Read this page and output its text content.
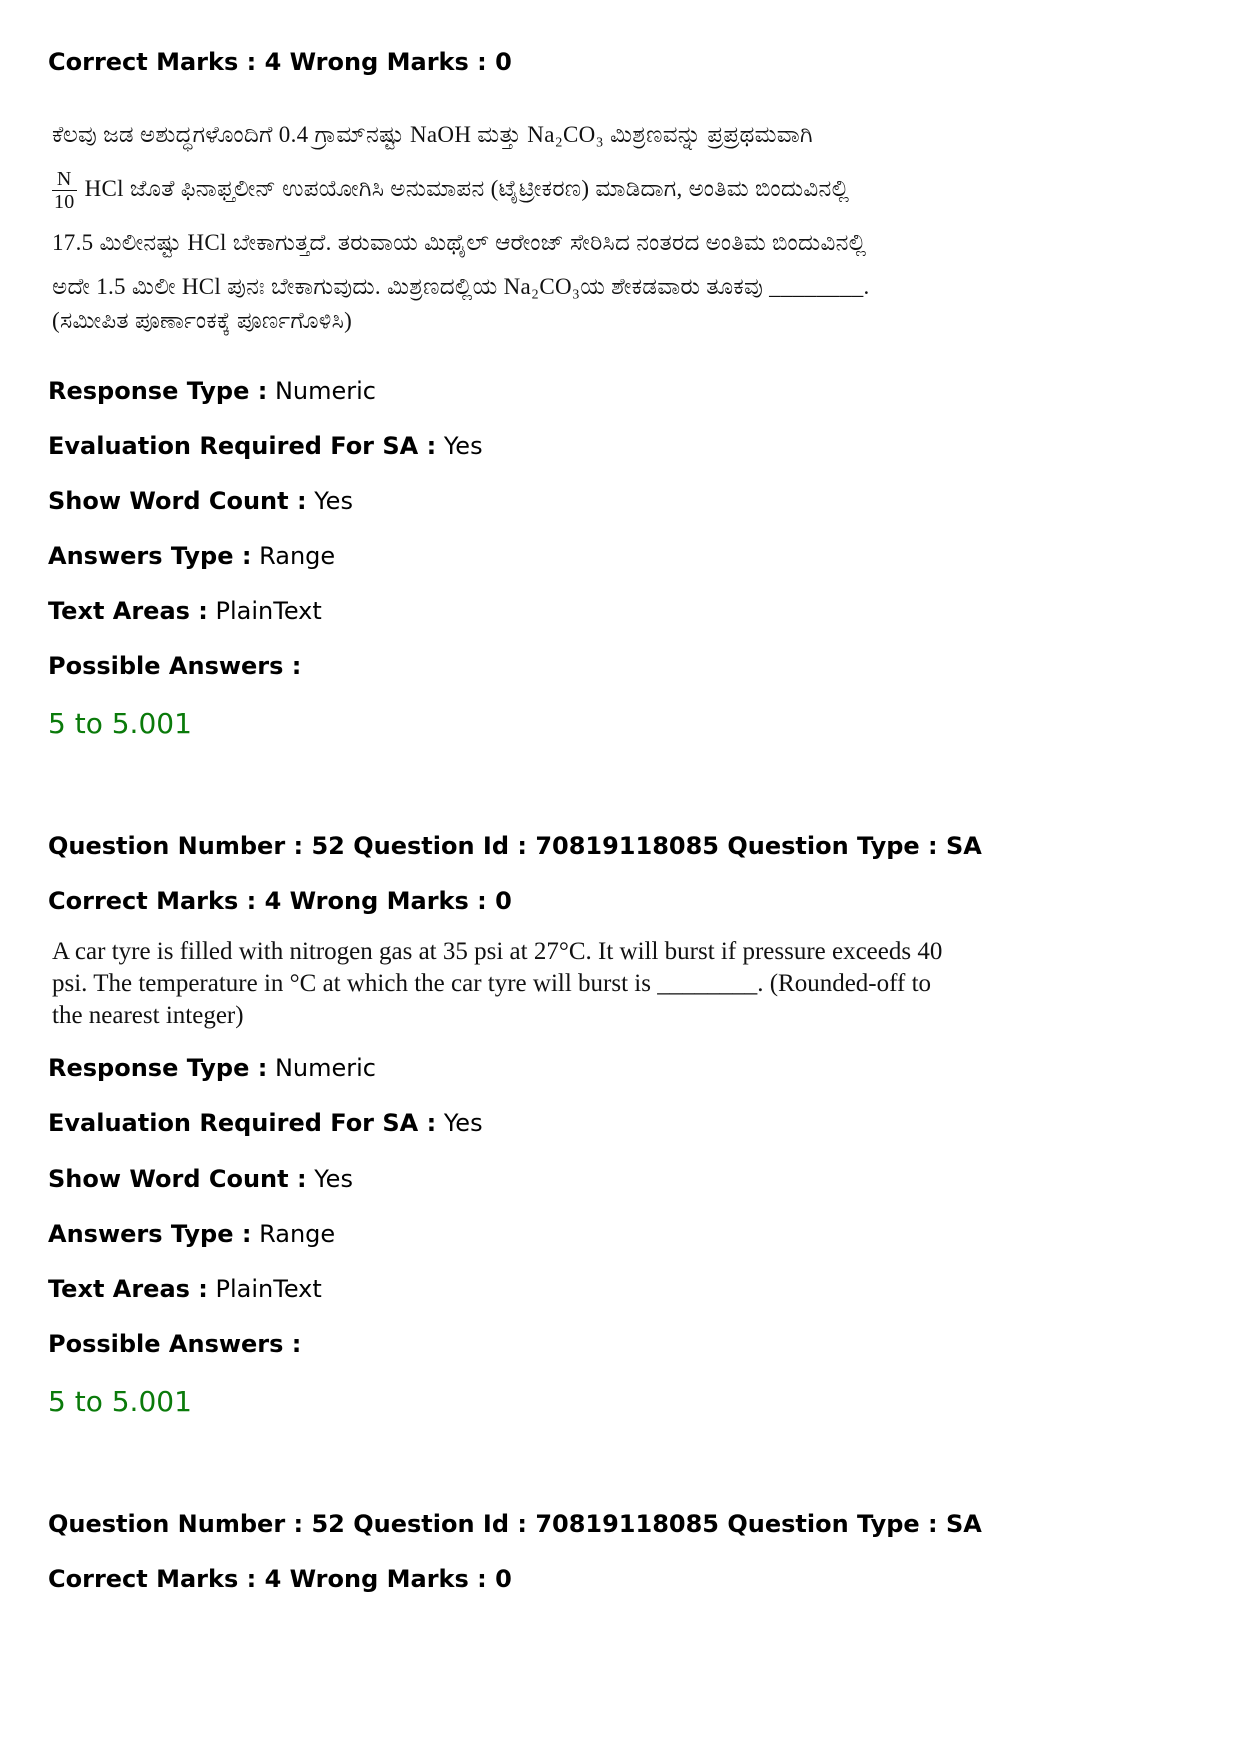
Correct Marks : 4 Wrong Marks : 0
ಕೆಲವು ಜಡ ಅಶುದ್ಧಗಳೊಂದಿಗೆ 0.4 ಗ್ರಾಮ್‌ನಷ್ಟು NaOH ಮತ್ತು Na₂CO₃ ಮಿಶ್ರಣವನ್ನು ಪ್ರಪ್ರಥಮವಾಗಿ
$\frac{N}{10}$ HCl ಜೊತೆ ಫಿನಾಫ್ತಲೀನ್ ಉಪಯೋಗಿಸಿ ಅನುಮಾಪನ (ಟೈಟ್ರೀಕರಣ) ಮಾಡಿದಾಗ, ಅಂತಿಮ ಬಿಂದುವಿನಲ್ಲಿ
17.5 ಮಿಲೀನಷ್ಟು HCl ಬೇಕಾಗುತ್ತದೆ. ತರುವಾಯ ಮಿಥೈಲ್ ಆರೇಂಜ್ ಸೇರಿಸಿದ ನಂತರದ ಅಂತಿಮ ಬಿಂದುವಿನಲ್ಲಿ
ಅದೇ 1.5 ಮಿಲೀ HCl ಪುನಃ ಬೇಕಾಗುವುದು. ಮಿಶ್ರಣದಲ್ಲಿಯ Na₂CO₃ಯ ಶೇಕಡವಾರು ತೂಕವು ________.
(ಸಮೀಪಿತ ಪೂರ್ಣಾಂಕಕ್ಕೆ ಪೂರ್ಣಗೊಳಿಸಿ)
Response Type : Numeric
Evaluation Required For SA : Yes
Show Word Count : Yes
Answers Type : Range
Text Areas : PlainText
Possible Answers :
5 to 5.001
Question Number : 52 Question Id : 70819118085 Question Type : SA
Correct Marks : 4 Wrong Marks : 0
A car tyre is filled with nitrogen gas at 35 psi at 27°C. It will burst if pressure exceeds 40 psi. The temperature in °C at which the car tyre will burst is ________. (Rounded-off to the nearest integer)
Response Type : Numeric
Evaluation Required For SA : Yes
Show Word Count : Yes
Answers Type : Range
Text Areas : PlainText
Possible Answers :
5 to 5.001
Question Number : 52 Question Id : 70819118085 Question Type : SA
Correct Marks : 4 Wrong Marks : 0
